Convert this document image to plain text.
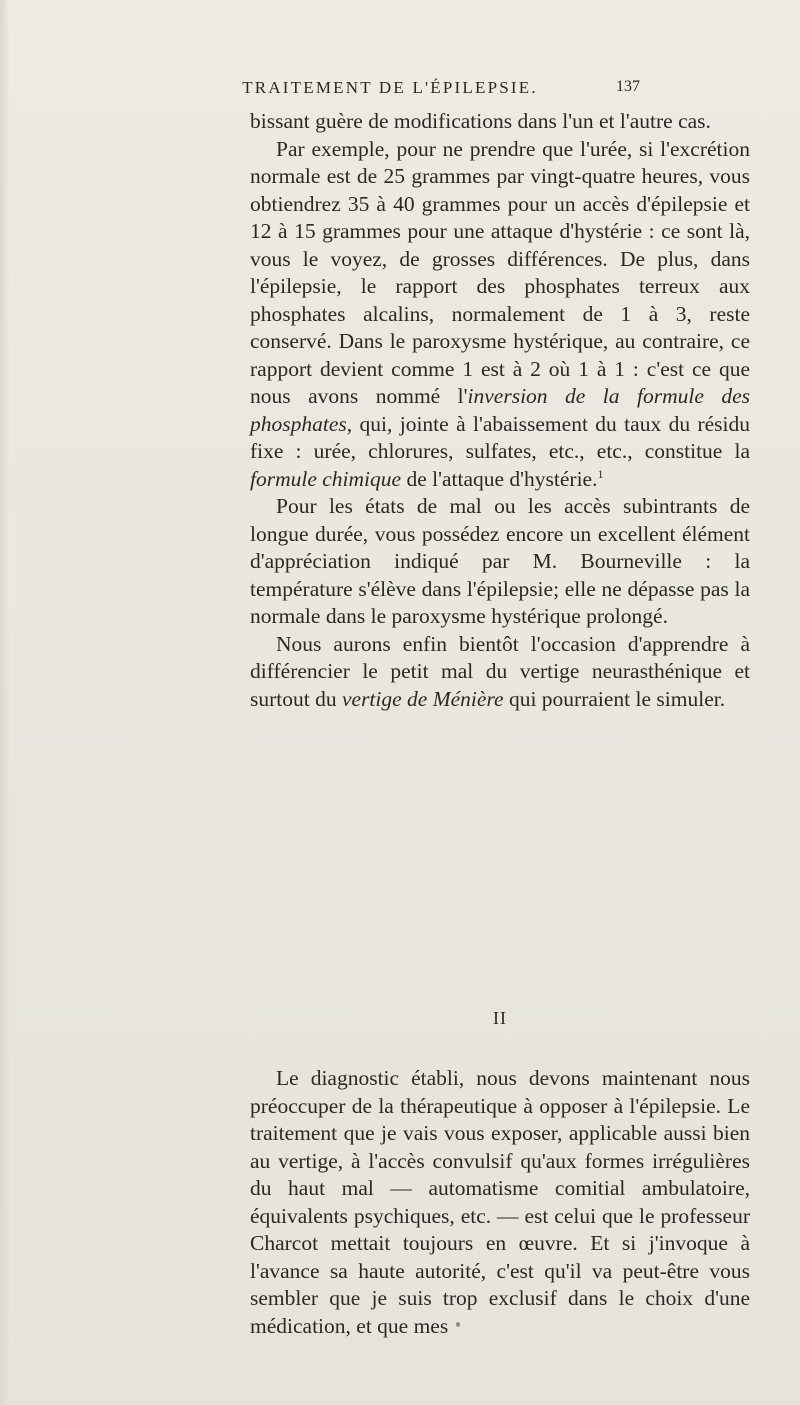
TRAITEMENT DE L'ÉPILEPSIE.	137

bissant guère de modifications dans l'un et l'autre cas.

Par exemple, pour ne prendre que l'urée, si l'excrétion normale est de 25 grammes par vingt-quatre heures, vous obtiendrez 35 à 40 grammes pour un accès d'épilepsie et 12 à 15 grammes pour une attaque d'hystérie : ce sont là, vous le voyez, de grosses différences. De plus, dans l'épilepsie, le rapport des phosphates terreux aux phosphates alcalins, normalement de 1 à 3, reste conservé. Dans le paroxysme hystérique, au contraire, ce rapport devient comme 1 est à 2 où 1 à 1 : c'est ce que nous avons nommé l'inversion de la formule des phosphates, qui, jointe à l'abaissement du taux du résidu fixe : urée, chlorures, sulfates, etc., etc., constitue la formule chimique de l'attaque d'hystérie.$^1$

Pour les états de mal ou les accès subintrants de longue durée, vous possédez encore un excellent élément d'appréciation indiqué par M. Bourneville : la température s'élève dans l'épilepsie; elle ne dépasse pas la normale dans le paroxysme hystérique prolongé.

Nous aurons enfin bientôt l'occasion d'apprendre à différencier le petit mal du vertige neurasthénique et surtout du vertige de Ménière qui pourraient le simuler.

II

Le diagnostic établi, nous devons maintenant nous préoccuper de la thérapeutique à opposer à l'épilepsie. Le traitement que je vais vous exposer, applicable aussi bien au vertige, à l'accès convulsif qu'aux formes irrégulières du haut mal — automatisme comitial ambulatoire, équivalents psychiques, etc. — est celui que le professeur Charcot mettait toujours en œuvre. Et si j'invoque à l'avance sa haute autorité, c'est qu'il va peut-être vous sembler que je suis trop exclusif dans le choix d'une médication, et que mes
